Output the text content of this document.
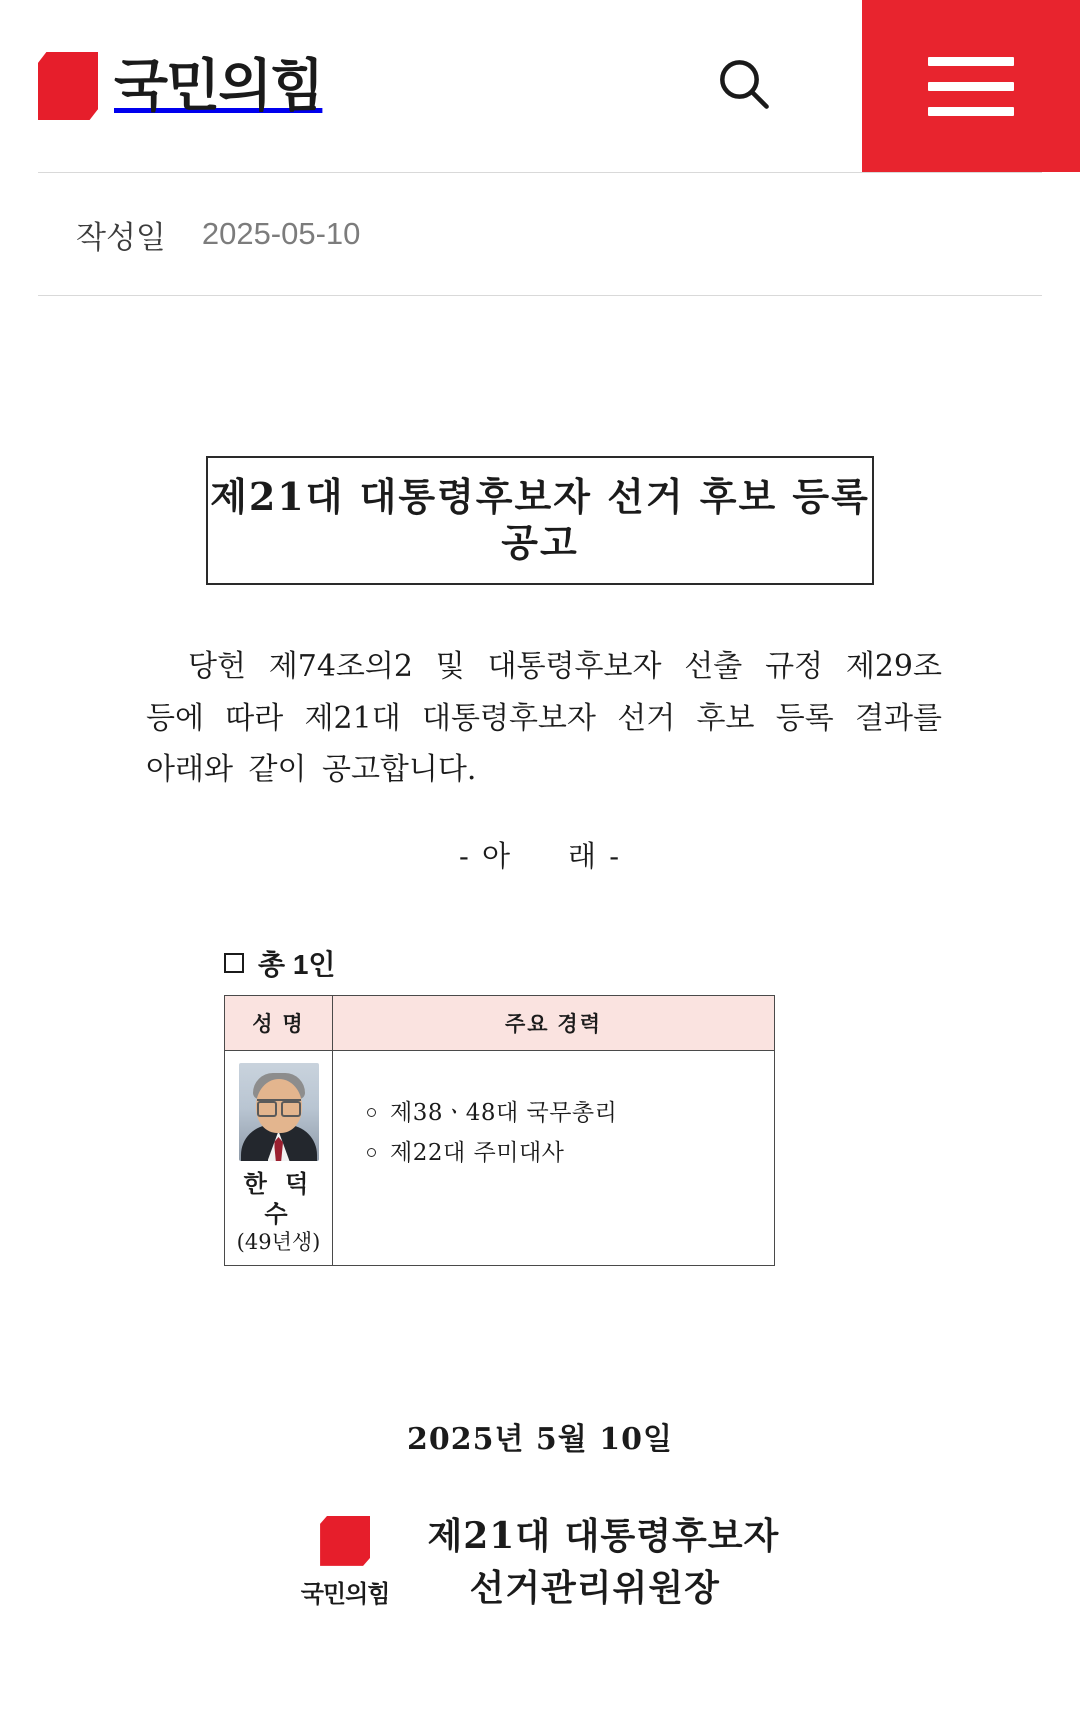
국민의힘
작성일 2025-05-10
제21대 대통령후보자 선거 후보 등록 공고

당헌 제74조의2 및 대통령후보자 선출 규정 제29조 등에 따라 제21대 대통령후보자 선거 후보 등록 결과를 아래와 같이 공고합니다.

- 아 래 -
총 1인
성 명	주요 경력

한 덕 수
(49년생)

제38ㆍ48대 국무총리
제22대 주미대사
2025년 5월 10일
국민의힘
제21대 대통령후보자
선거관리위원장
